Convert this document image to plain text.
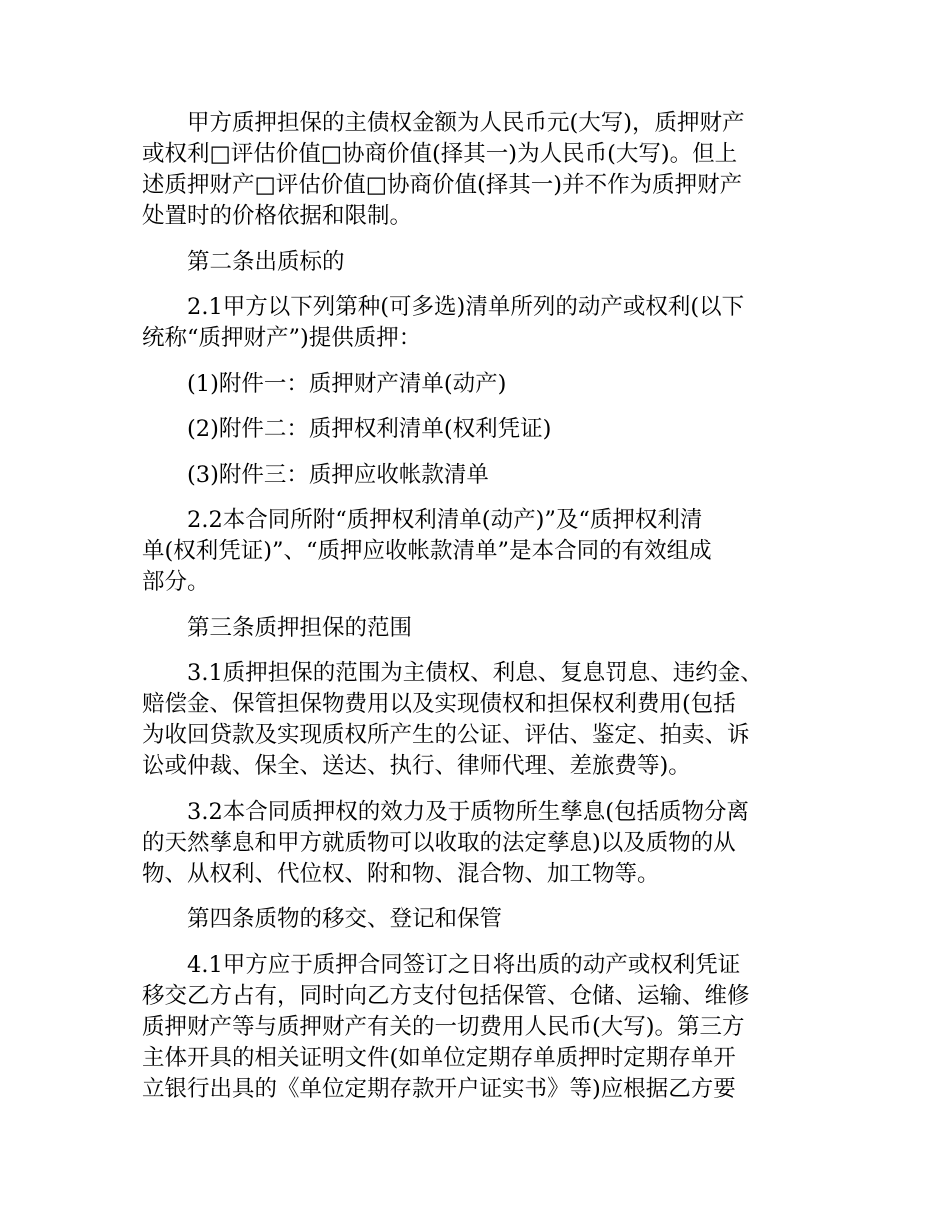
甲方质押担保的主债权金额为人民币元(大写)，质押财产
或权利□评估价值□协商价值(择其一)为人民币(大写)。但上
述质押财产□评估价值□协商价值(择其一)并不作为质押财产
处置时的价格依据和限制。

第二条出质标的

2.1甲方以下列第种(可多选)清单所列的动产或权利(以下
统称“质押财产”)提供质押：

(1)附件一：质押财产清单(动产)

(2)附件二：质押权利清单(权利凭证)

(3)附件三：质押应收帐款清单

2.2本合同所附“质押权利清单(动产)”及“质押权利清
单(权利凭证)”、“质押应收帐款清单”是本合同的有效组成
部分。

第三条质押担保的范围

3.1质押担保的范围为主债权、利息、复息罚息、违约金、
赔偿金、保管担保物费用以及实现债权和担保权利费用(包括
为收回贷款及实现质权所产生的公证、评估、鉴定、拍卖、诉
讼或仲裁、保全、送达、执行、律师代理、差旅费等)。

3.2本合同质押权的效力及于质物所生孳息(包括质物分离
的天然孳息和甲方就质物可以收取的法定孳息)以及质物的从
物、从权利、代位权、附和物、混合物、加工物等。

第四条质物的移交、登记和保管

4.1甲方应于质押合同签订之日将出质的动产或权利凭证
移交乙方占有，同时向乙方支付包括保管、仓储、运输、维修
质押财产等与质押财产有关的一切费用人民币(大写)。第三方
主体开具的相关证明文件(如单位定期存单质押时定期存单开
立银行出具的《单位定期存款开户证实书》等)应根据乙方要
